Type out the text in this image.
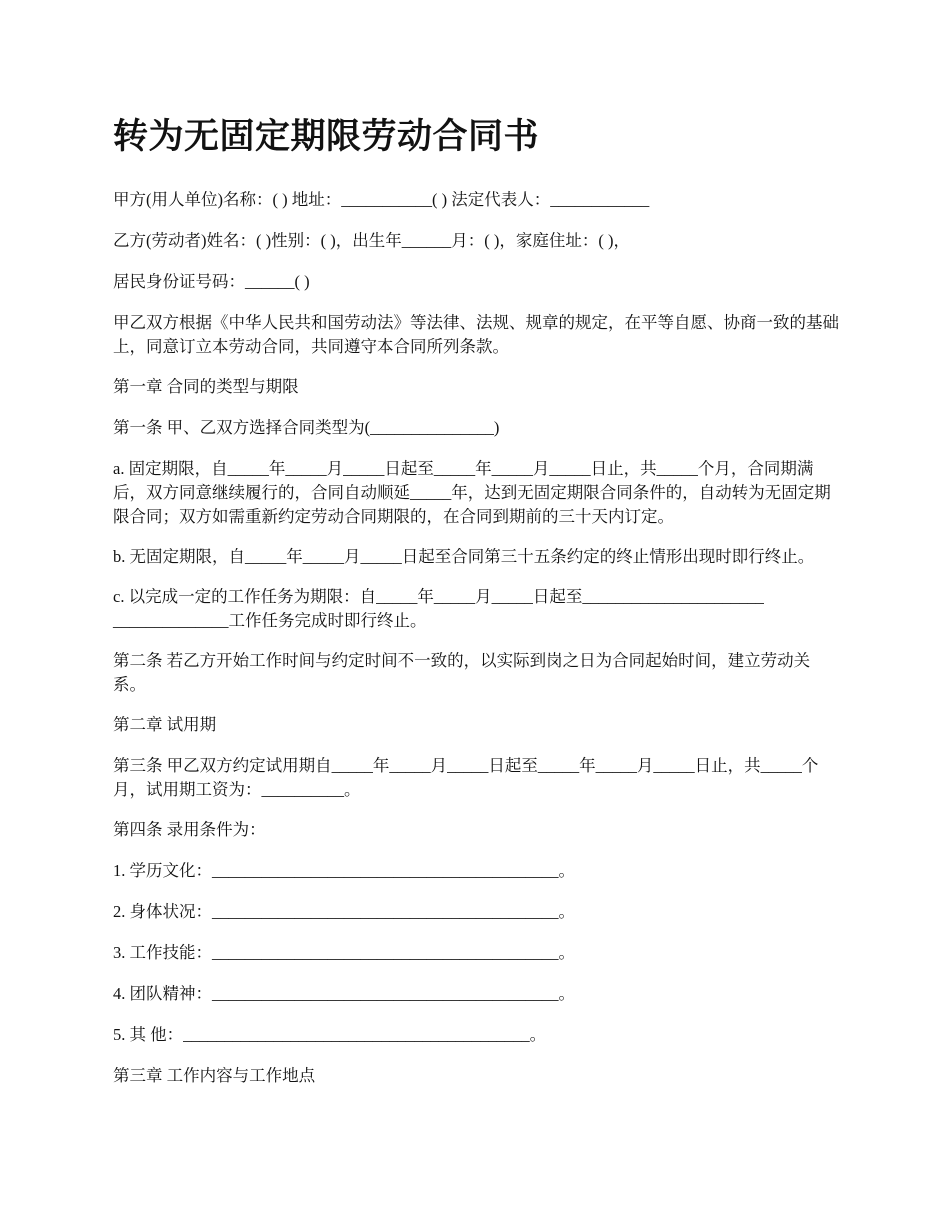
转为无固定期限劳动合同书

甲方(用人单位)名称：( ) 地址：___________( ) 法定代表人：____________

乙方(劳动者)姓名：( )性别：( )，出生年______月：( )，家庭住址：( )，

居民身份证号码：______( )

甲乙双方根据《中华人民共和国劳动法》等法律、法规、规章的规定，在平等自愿、协商一致的基础上，同意订立本劳动合同，共同遵守本合同所列条款。

第一章 合同的类型与期限

第一条 甲、乙双方选择合同类型为(_______________)

a. 固定期限，自_____年_____月_____日起至_____年_____月_____日止，共_____个月，合同期满后，双方同意继续履行的，合同自动顺延_____年，达到无固定期限合同条件的，自动转为无固定期限合同；双方如需重新约定劳动合同期限的，在合同到期前的三十天内订定。

b. 无固定期限，自_____年_____月_____日起至合同第三十五条约定的终止情形出现时即行终止。

c. 以完成一定的工作任务为期限：自_____年_____月_____日起至______________________ ______________工作任务完成时即行终止。

第二条 若乙方开始工作时间与约定时间不一致的，以实际到岗之日为合同起始时间，建立劳动关系。

第二章 试用期

第三条 甲乙双方约定试用期自_____年_____月_____日起至_____年_____月_____日止，共_____个月，试用期工资为：__________。

第四条 录用条件为：

1. 学历文化：__________________________________________。

2. 身体状况：__________________________________________。

3. 工作技能：__________________________________________。

4. 团队精神：__________________________________________。

5. 其 他：__________________________________________。

第三章 工作内容与工作地点
